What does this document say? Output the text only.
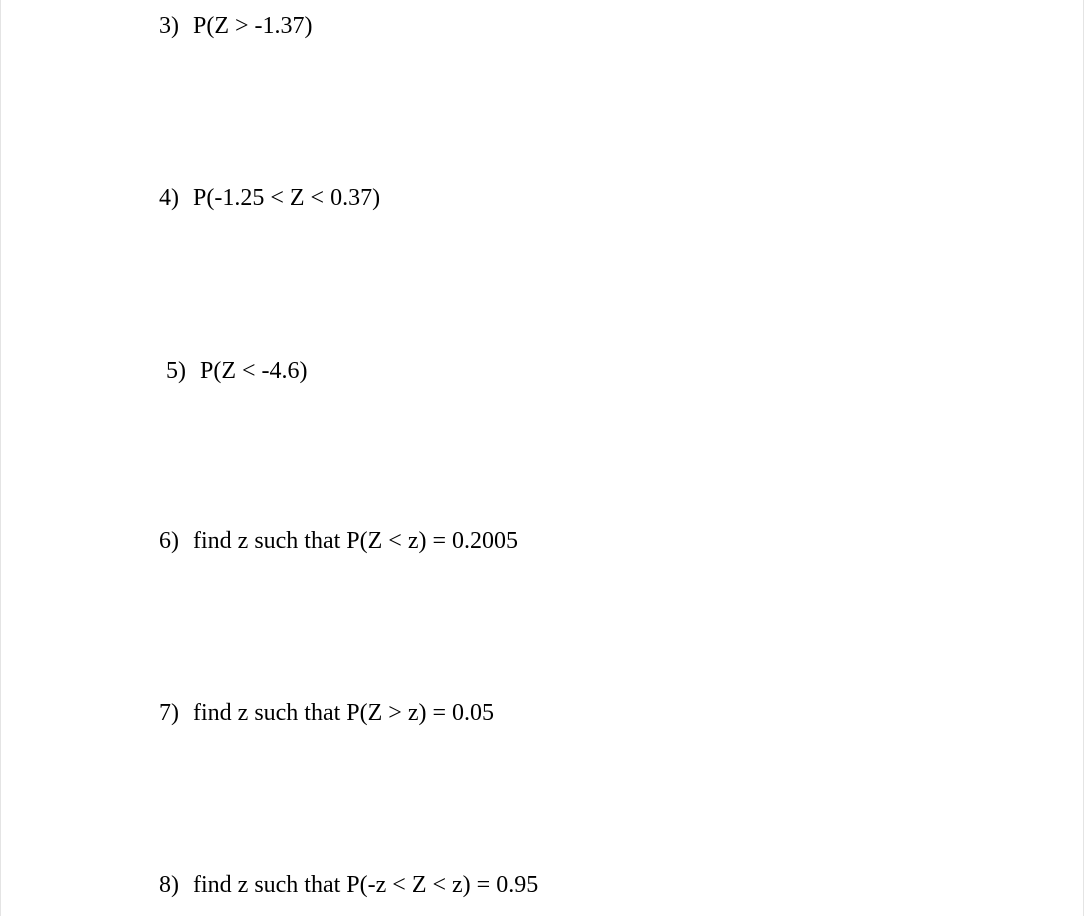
3) P(Z > -1.37)
4) P(-1.25 < Z < 0.37)
5) P(Z < -4.6)
6) find z such that P(Z < z) = 0.2005
7) find z such that P(Z > z) = 0.05
8) find z such that P(-z < Z < z) = 0.95
